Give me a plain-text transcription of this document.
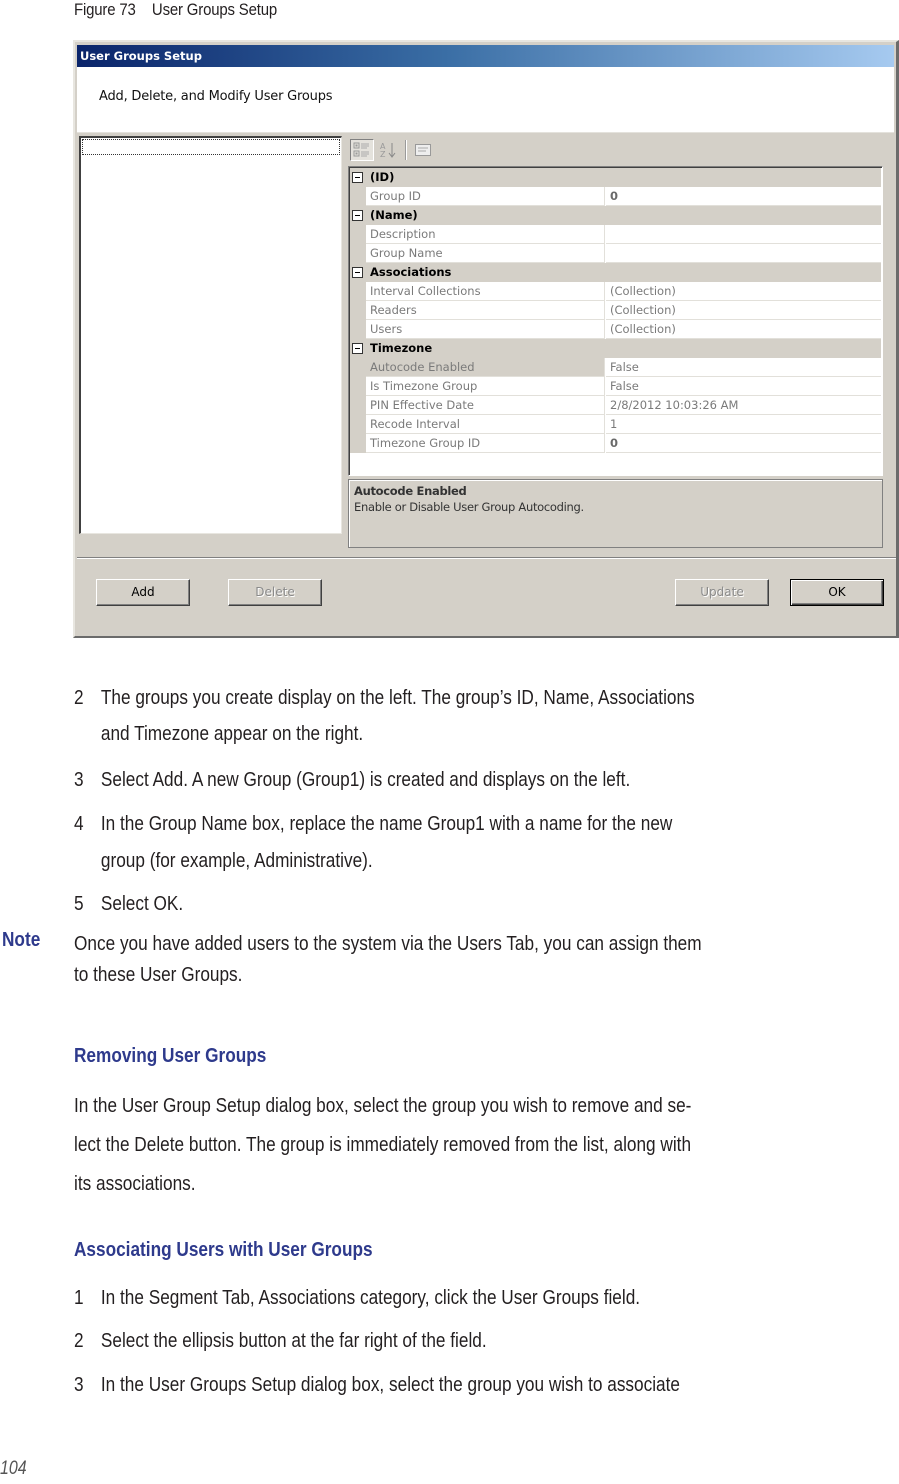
Figure 73 User Groups Setup
User Groups Setup
Add, Delete, and Modify User Groups
A
Z
(ID)
Group ID	0
(Name)
Description
Group Name
Associations
Interval Collections	(Collection)
Readers	(Collection)
Users	(Collection)
Timezone
Autocode Enabled	False
Is Timezone Group	False
PIN Effective Date	2/8/2012 10:03:26 AM
Recode Interval	1
Timezone Group ID	0
Autocode Enabled
Enable or Disable User Group Autocoding.
Add	Delete	Update	OK
2 The groups you create display on the left. The group’s ID, Name, Associations
and Timezone appear on the right.
3 Select Add. A new Group (Group1) is created and displays on the left.
4 In the Group Name box, replace the name Group1 with a name for the new
group (for example, Administrative).
5 Select OK.
Note Once you have added users to the system via the Users Tab, you can assign them
to these User Groups.
Removing User Groups
In the User Group Setup dialog box, select the group you wish to remove and se-
lect the Delete button. The group is immediately removed from the list, along with
its associations.
Associating Users with User Groups
1 In the Segment Tab, Associations category, click the User Groups field.
2 Select the ellipsis button at the far right of the field.
3 In the User Groups Setup dialog box, select the group you wish to associate
104
